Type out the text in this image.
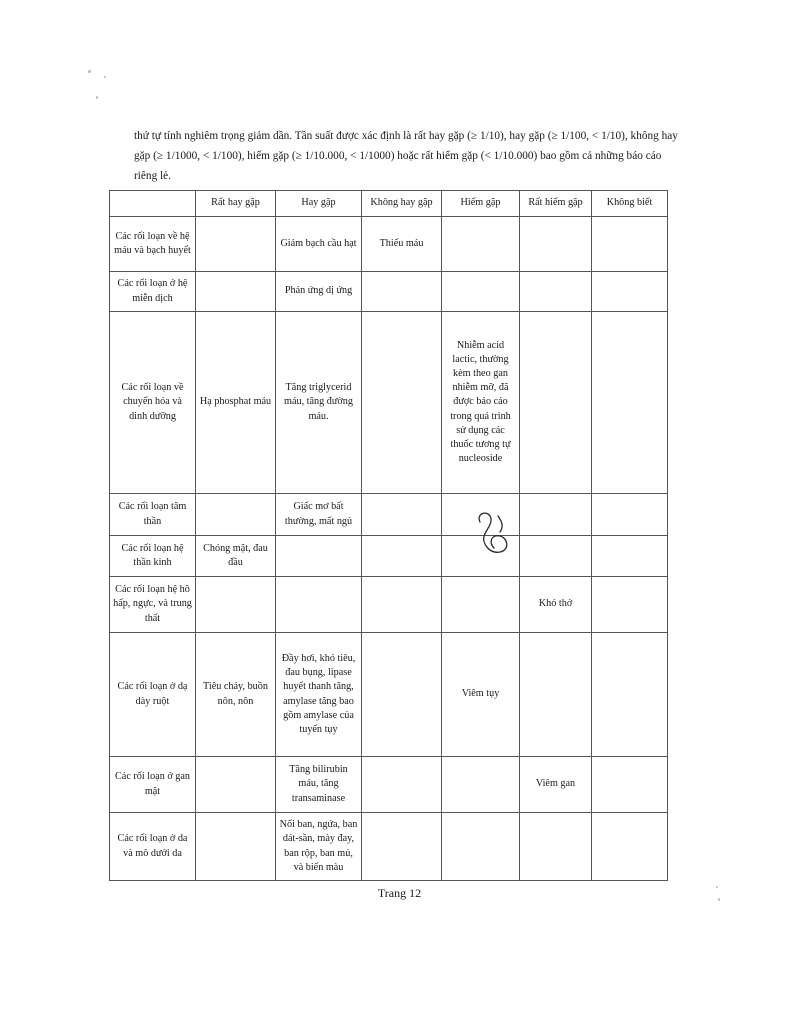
thứ tự tính nghiêm trọng giảm dần. Tần suất được xác định là rất hay gặp (≥ 1/10), hay gặp (≥ 1/100, < 1/10), không hay gặp (≥ 1/1000, < 1/100), hiếm gặp (≥ 1/10.000, < 1/1000) hoặc rất hiếm gặp (< 1/10.000) bao gồm cả những báo cáo riêng lẻ.

	Rất hay gặp	Hay gặp	Không hay gặp	Hiếm gặp	Rất hiếm gặp	Không biết
Các rối loạn về hệ máu và bạch huyết		Giảm bạch cầu hạt	Thiếu máu			
Các rối loạn ở hệ miễn dịch		Phản ứng dị ứng				
Các rối loạn về chuyển hóa và dinh dưỡng	Hạ phosphat máu	Tăng triglycerid máu, tăng đường máu.		Nhiễm acid lactic, thường kèm theo gan nhiễm mỡ, đã được báo cáo trong quá trình sử dụng các thuốc tương tự nucleoside		
Các rối loạn tâm thần		Giấc mơ bất thường, mất ngủ				
Các rối loạn hệ thần kinh	Chóng mặt, đau đầu					
Các rối loạn hệ hô hấp, ngực, và trung thất					Khó thở	
Các rối loạn ở dạ dày ruột	Tiêu chảy, buồn nôn, nôn	Đầy hơi, khó tiêu, đau bụng, lipase huyết thanh tăng, amylase tăng bao gồm amylase của tuyến tụy		Viêm tụy		
Các rối loạn ở gan mật		Tăng bilirubin máu, tăng transaminase			Viêm gan	
Các rối loạn ở da và mô dưới da		Nổi ban, ngứa, ban dát-sần, mày đay, ban rộp, ban mủ, và biến màu				
Trang 12
